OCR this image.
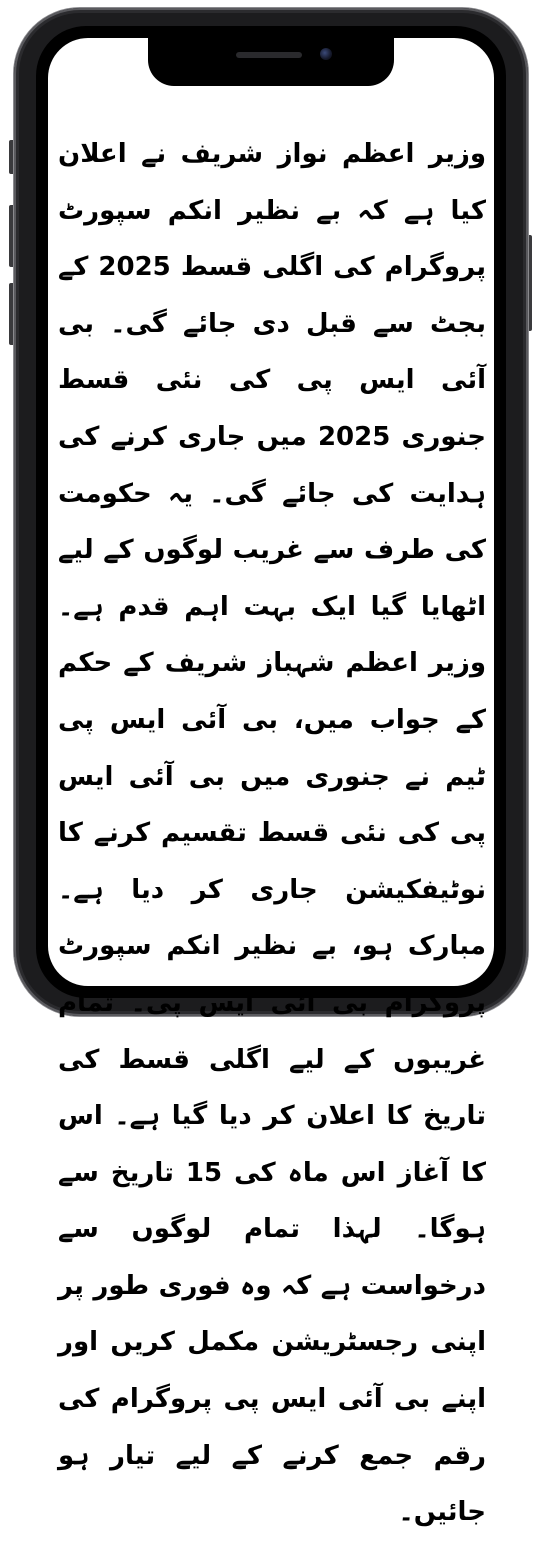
وزیر اعظم نواز شریف نے اعلان کیا ہے کہ بے نظیر انکم سپورٹ پروگرام کی اگلی قسط 2025 کے بجٹ سے قبل دی جائے گی۔ بی آئی ایس پی کی نئی قسط جنوری 2025 میں جاری کرنے کی ہدایت کی جائے گی۔ یہ حکومت کی طرف سے غریب لوگوں کے لیے اٹھایا گیا ایک بہت اہم قدم ہے۔ وزیر اعظم شہباز شریف کے حکم کے جواب میں، بی آئی ایس پی ٹیم نے جنوری میں بی آئی ایس پی کی نئی قسط تقسیم کرنے کا نوٹیفکیشن جاری کر دیا ہے۔ مبارک ہو، بے نظیر انکم سپورٹ پروگرام بی آئی ایس پی۔ تمام غریبوں کے لیے اگلی قسط کی تاریخ کا اعلان کر دیا گیا ہے۔ اس کا آغاز اس ماہ کی 15 تاریخ سے ہوگا۔ لہذا تمام لوگوں سے درخواست ہے کہ وہ فوری طور پر اپنی رجسٹریشن مکمل کریں اور اپنے بی آئی ایس پی پروگرام کی رقم جمع کرنے کے لیے تیار ہو جائیں۔
